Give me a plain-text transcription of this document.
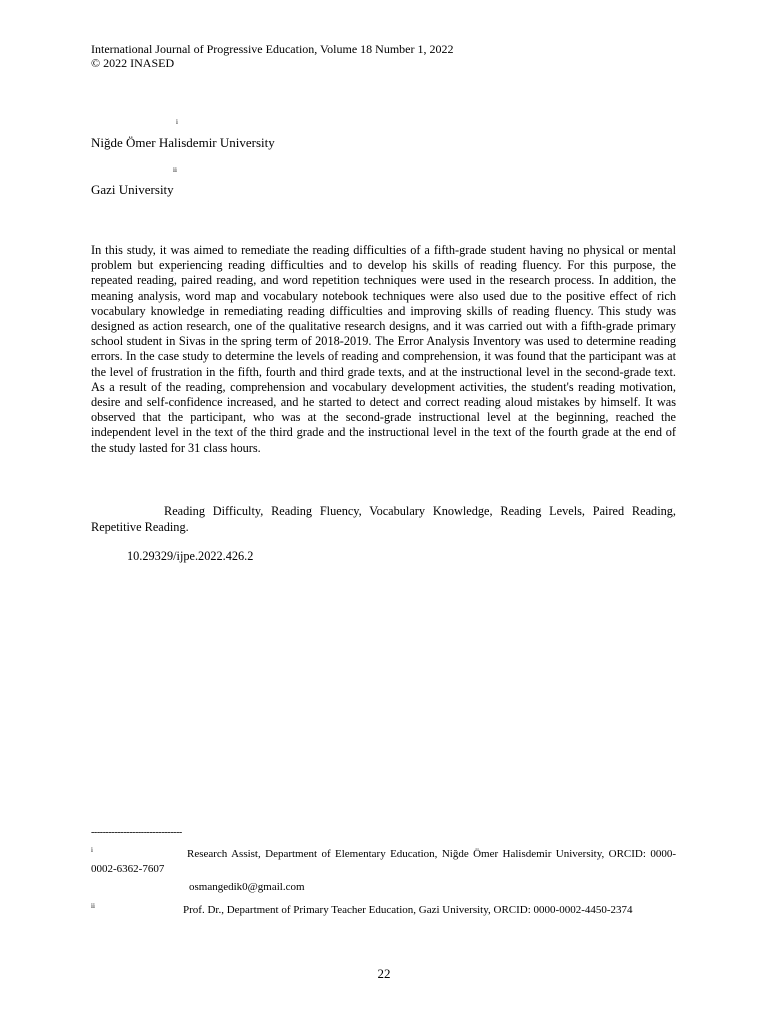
International Journal of Progressive Education, Volume 18 Number 1, 2022
© 2022 INASED
i
Niğde Ömer Halisdemir University
ii
Gazi University

In this study, it was aimed to remediate the reading difficulties of a fifth-grade student having no physical or mental problem but experiencing reading difficulties and to develop his skills of reading fluency. For this purpose, the repeated reading, paired reading, and word repetition techniques were used in the research process. In addition, the meaning analysis, word map and vocabulary notebook techniques were also used due to the positive effect of rich vocabulary knowledge in remediating reading difficulties and improving skills of reading fluency. This study was designed as action research, one of the qualitative research designs, and it was carried out with a fifth-grade primary school student in Sivas in the spring term of 2018-2019. The Error Analysis Inventory was used to determine reading errors. In the case study to determine the levels of reading and comprehension, it was found that the participant was at the level of frustration in the fifth, fourth and third grade texts, and at the instructional level in the second-grade text. As a result of the reading, comprehension and vocabulary development activities, the student's reading motivation, desire and self-confidence increased, and he started to detect and correct reading aloud mistakes by himself. It was observed that the participant, who was at the second-grade instructional level at the beginning, reached the independent level in the text of the third grade and the instructional level in the text of the fourth grade at the end of the study lasted for 31 class hours.

Reading Difficulty, Reading Fluency, Vocabulary Knowledge, Reading Levels, Paired Reading, Repetitive Reading.

10.29329/ijpe.2022.426.2
-------------------------------

i	Research Assist, Department of Elementary Education, Niğde Ömer Halisdemir University, ORCID: 0000-0002-6362-7607

osmangedik0@gmail.com

ii	Prof. Dr., Department of Primary Teacher Education, Gazi University, ORCID: 0000-0002-4450-2374

22
